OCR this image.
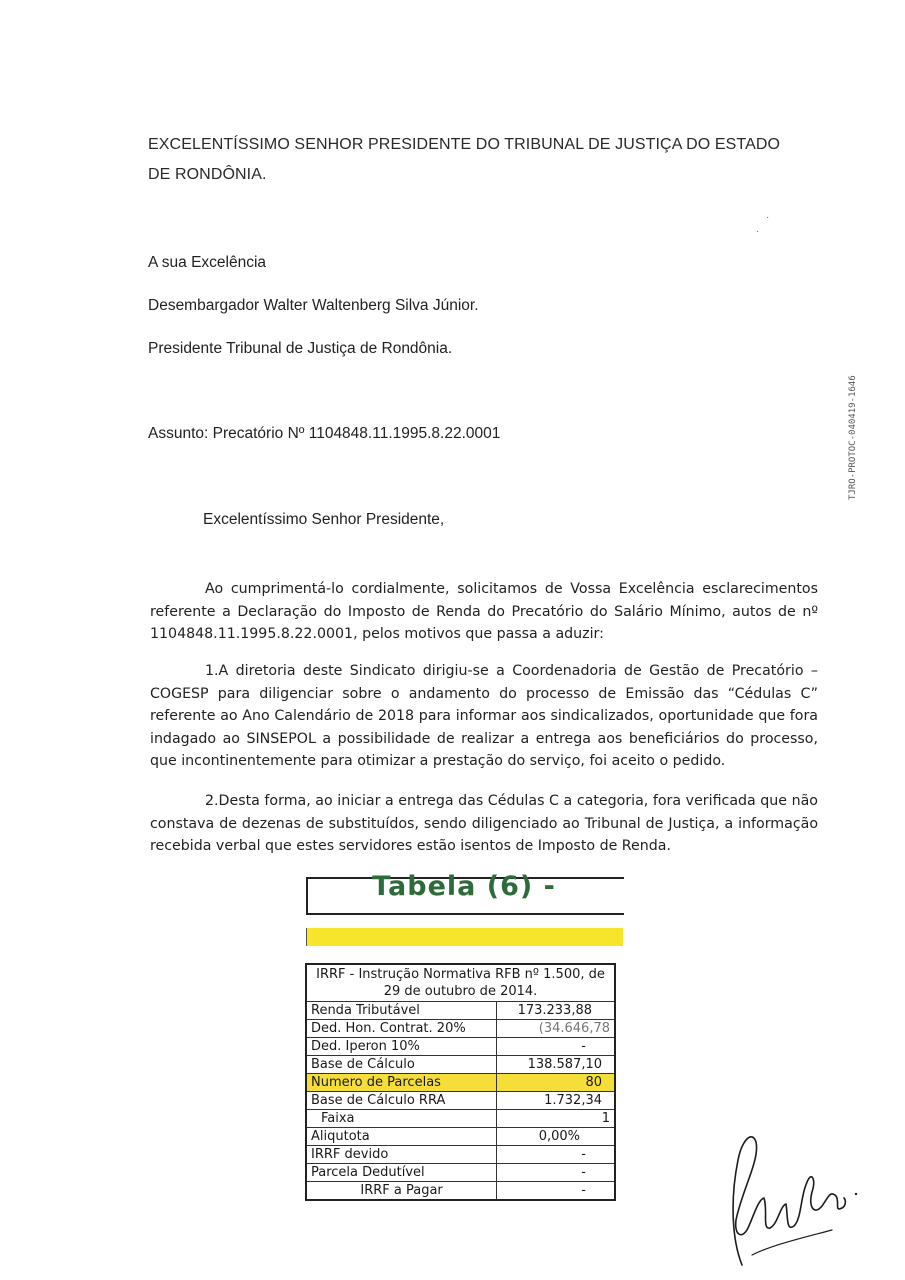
EXCELENTÍSSIMO SENHOR PRESIDENTE DO TRIBUNAL DE JUSTIÇA DO ESTADO
DE RONDÔNIA.
·
·
A sua Excelência
Desembargador Walter Waltenberg Silva Júnior.
Presidente Tribunal de Justiça de Rondônia.
Assunto: Precatório Nº 1104848.11.1995.8.22.0001	TJRO-PROTOC-040419-1646
Excelentíssimo Senhor Presidente,
Ao cumprimentá-lo cordialmente, solicitamos de Vossa Excelência esclarecimentos referente a Declaração do Imposto de Renda do Precatório do Salário Mínimo, autos de nº 1104848.11.1995.8.22.0001, pelos motivos que passa a aduzir:
1.A diretoria deste Sindicato dirigiu-se a Coordenadoria de Gestão de Precatório – COGESP para diligenciar sobre o andamento do processo de Emissão das “Cédulas C” referente ao Ano Calendário de 2018 para informar aos sindicalizados, oportunidade que fora indagado ao SINSEPOL a possibilidade de realizar a entrega aos beneficiários do processo, que incontinentemente para otimizar a prestação do serviço, foi aceito o pedido.
2.Desta forma, ao iniciar a entrega das Cédulas C a categoria, fora verificada que não constava de dezenas de substituídos, sendo diligenciado ao Tribunal de Justiça, a informação recebida verbal que estes servidores estão isentos de Imposto de Renda.
Tabela (6) -
IRRF - Instrução Normativa RFB nº 1.500, de 29 de outubro de 2014.	
Renda Tributável	173.233,88
Ded. Hon. Contrat. 20%	(34.646,78
Ded. Iperon 10%	-
Base de Cálculo	138.587,10
Numero de Parcelas	80
Base de Cálculo RRA	1.732,34
Faixa	1
Aliqutota	0,00%
IRRF devido	-
Parcela Dedutível	-
IRRF a Pagar	-
